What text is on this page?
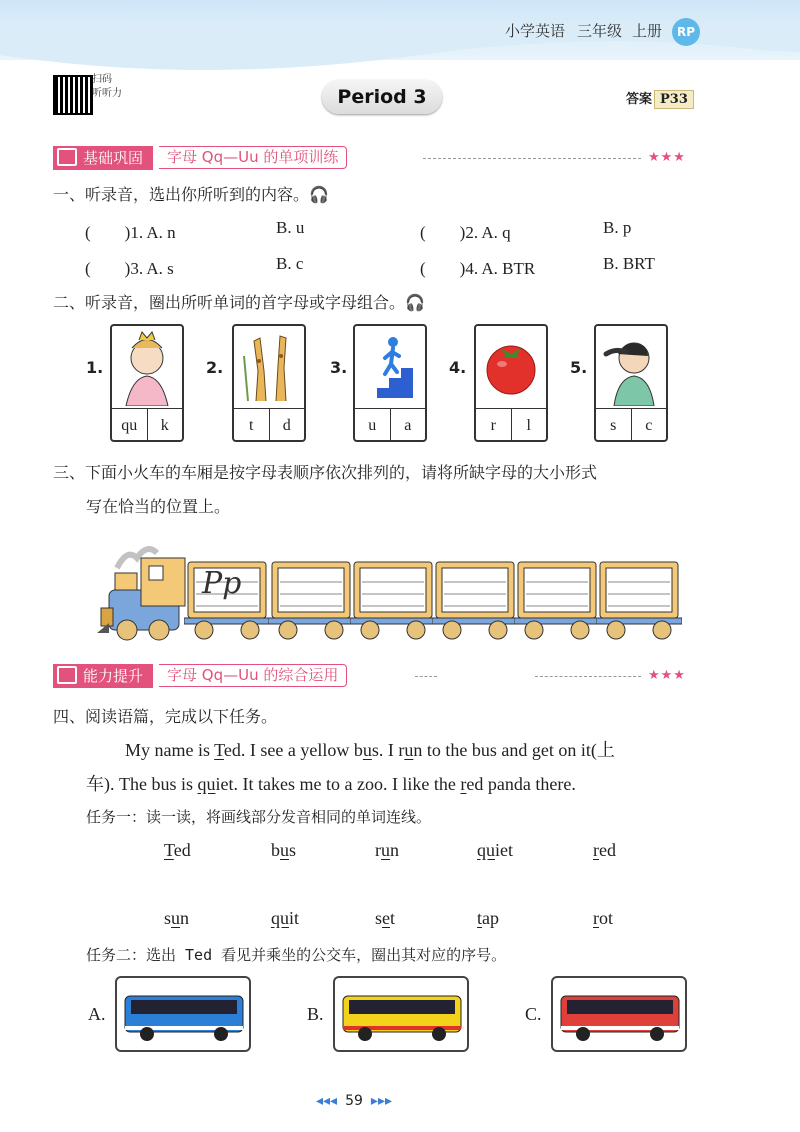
小学英语 三年级 上册	RP
扫码
听听力	Period 3	答案 P33
基础巩固 字母 Qq—Uu 的单项训练	★★★
一、听录音，选出你所听到的内容。🎧
(　　)1. A. n	B. u	(　　)2. A. q	B. p
(　　)3. A. s	B. c	(　　)4. A. BTR	B. BRT
二、听录音，圈出所听单词的首字母或字母组合。🎧
1.
qu	k
2.
t	d
3.
u	a
4.
r	l
5.
s	c
三、下面小火车的车厢是按字母表顺序依次排列的，请将所缺字母的大小形式
写在恰当的位置上。
Pp
能力提升 字母 Qq—Uu 的综合运用	★★★
四、阅读语篇，完成以下任务。
My name is Ted. I see a yellow bus. I run to the bus and get on it(上
车). The bus is quiet. It takes me to a zoo. I like the red panda there.
任务一：读一读，将画线部分发音相同的单词连线。
Ted	bus	run	quiet	red
sun	quit	set	tap	rot
任务二：选出 Ted 看见并乘坐的公交车，圈出其对应的序号。
A.	B.	C.
◂◂◂ 59 ▸▸▸
